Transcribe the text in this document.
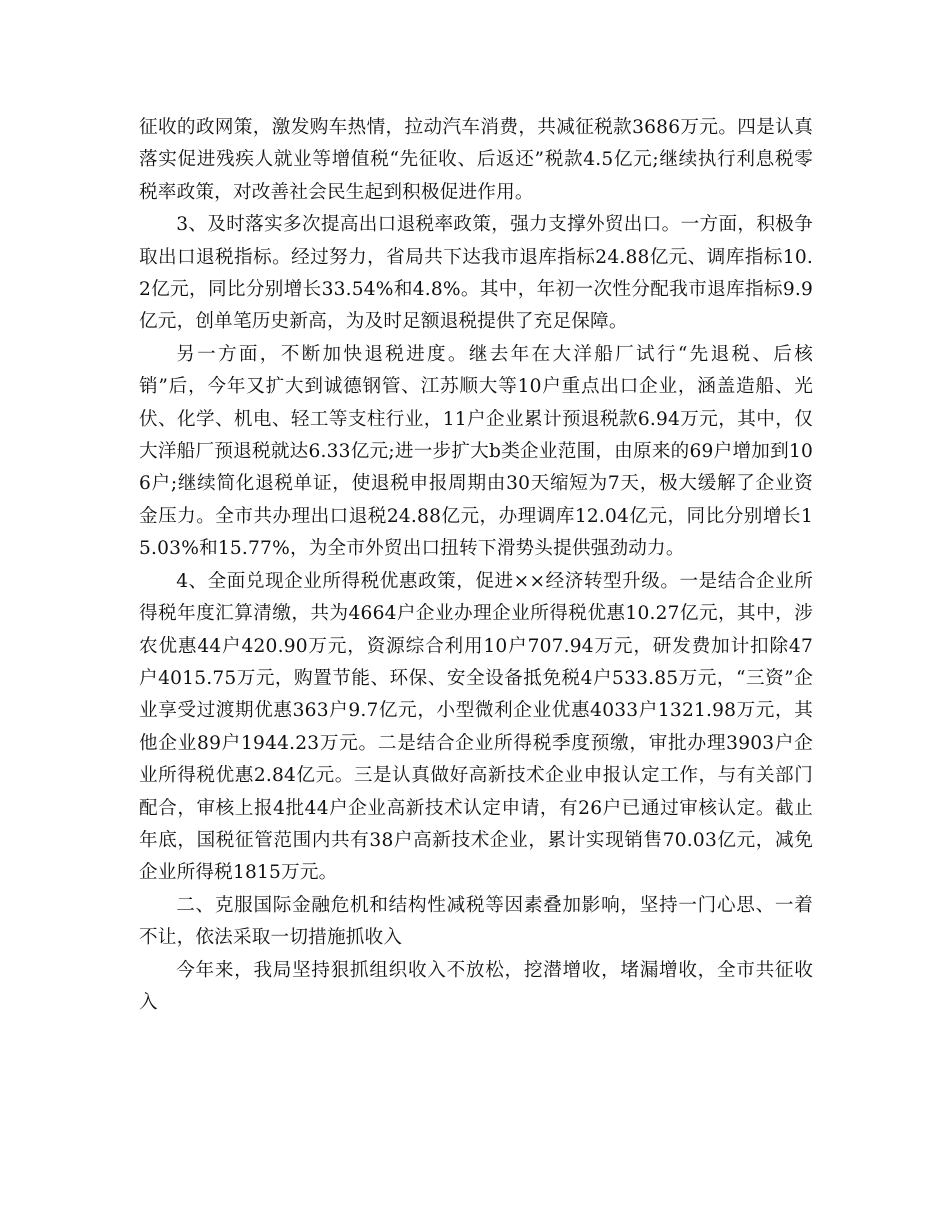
征收的政网策，激发购车热情，拉动汽车消费，共减征税款3686万元。四是认真落实促进残疾人就业等增值税“先征收、后返还”税款4.5亿元;继续执行利息税零税率政策，对改善社会民生起到积极促进作用。

3、及时落实多次提高出口退税率政策，强力支撑外贸出口。一方面，积极争取出口退税指标。经过努力，省局共下达我市退库指标24.88亿元、调库指标10.2亿元，同比分别增长33.54%和4.8%。其中，年初一次性分配我市退库指标9.9亿元，创单笔历史新高，为及时足额退税提供了充足保障。

另一方面，不断加快退税进度。继去年在大洋船厂试行“先退税、后核销”后，今年又扩大到诚德钢管、江苏顺大等10户重点出口企业，涵盖造船、光伏、化学、机电、轻工等支柱行业，11户企业累计预退税款6.94万元，其中，仅大洋船厂预退税就达6.33亿元;进一步扩大b类企业范围，由原来的69户增加到106户;继续简化退税单证，使退税申报周期由30天缩短为7天，极大缓解了企业资金压力。全市共办理出口退税24.88亿元，办理调库12.04亿元，同比分别增长15.03%和15.77%，为全市外贸出口扭转下滑势头提供强劲动力。

4、全面兑现企业所得税优惠政策，促进××经济转型升级。一是结合企业所得税年度汇算清缴，共为4664户企业办理企业所得税优惠10.27亿元，其中，涉农优惠44户420.90万元，资源综合利用10户707.94万元，研发费加计扣除47户4015.75万元，购置节能、环保、安全设备抵免税4户533.85万元，“三资”企业享受过渡期优惠363户9.7亿元，小型微利企业优惠4033户1321.98万元，其他企业89户1944.23万元。二是结合企业所得税季度预缴，审批办理3903户企业所得税优惠2.84亿元。三是认真做好高新技术企业申报认定工作，与有关部门配合，审核上报4批44户企业高新技术认定申请，有26户已通过审核认定。截止年底，国税征管范围内共有38户高新技术企业，累计实现销售70.03亿元，减免企业所得税1815万元。

二、克服国际金融危机和结构性减税等因素叠加影响，坚持一门心思、一着不让，依法采取一切措施抓收入

今年来，我局坚持狠抓组织收入不放松，挖潜增收，堵漏增收，全市共征收入
